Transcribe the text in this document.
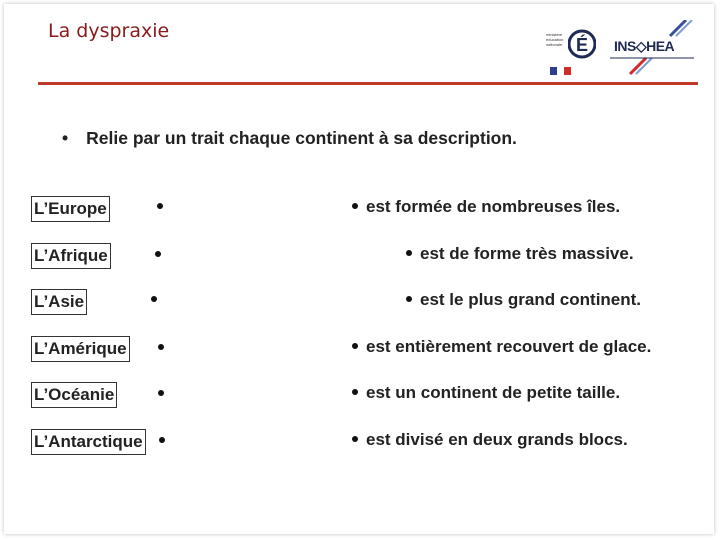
La dyspraxie	ministère éducation nationale É INS◇HEA
• Relie par un trait chaque continent à sa description.
L’Europe
L’Afrique
L’Asie
L’Amérique
L’Océanie
L’Antarctique
est formée de nombreuses îles.
est de forme très massive.
est le plus grand continent.
est entièrement recouvert de glace.
est un continent de petite taille.
est divisé en deux grands blocs.
